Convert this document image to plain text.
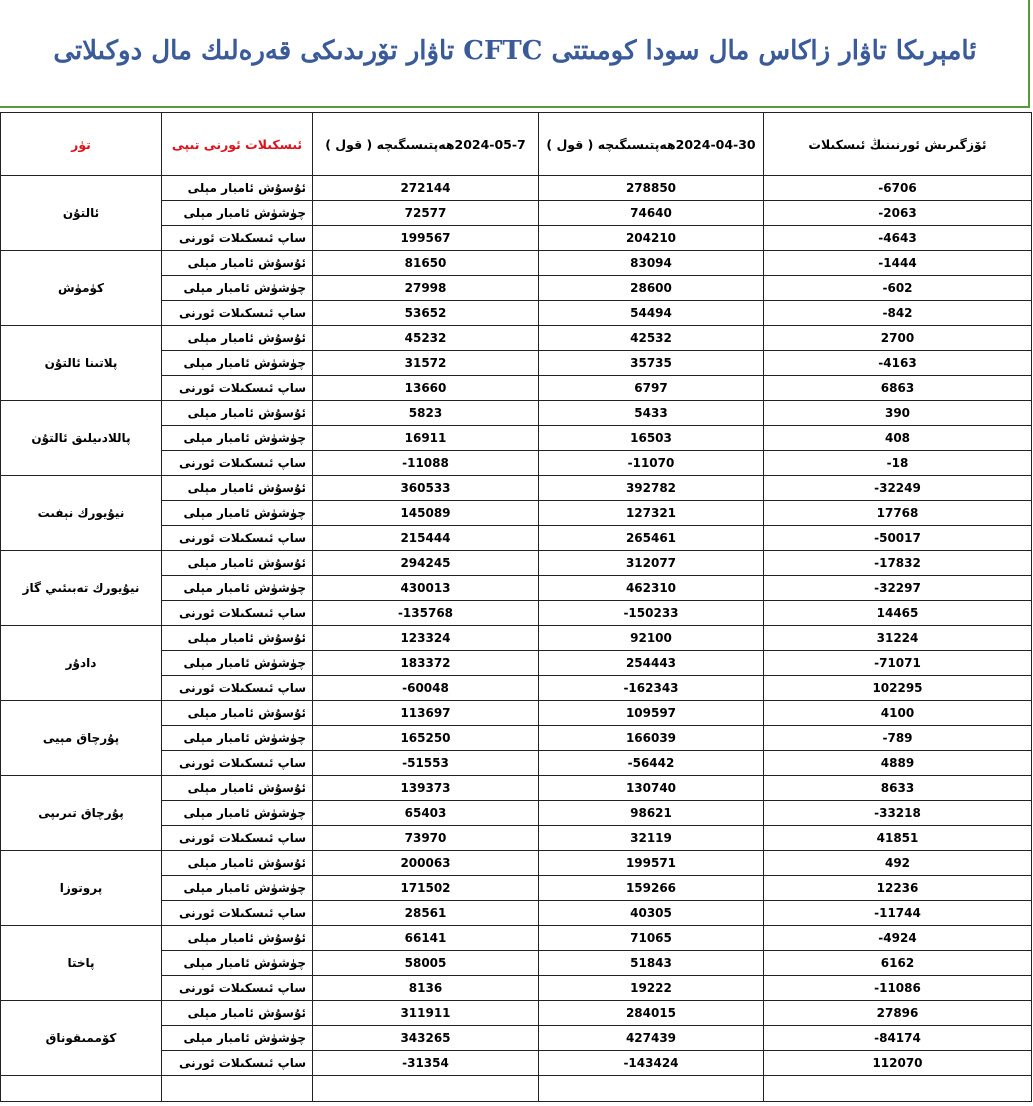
ئامېرىكا تاۋار زاكاس مال سودا كومىتتى CFTC تاۋار تۆرىدىكى قەرەلىك مال دوكىلاتى
تۈر	ئىسكىلات ئورنى تىپى	2024-05-7ھەپتىسىگىچە ( قول )	2024-04-30ھەپتىسىگىچە ( قول )	ئۆزگىرىش ئورنىنىڭ ئىسكىلات
ئالتۇن	ئۇسۇش ئامبار مېلى	272144	278850	-6706
	چۈشۈش ئامبار مېلى	72577	74640	-2063
	ساپ ئىسكىلات ئورنى	199567	204210	-4643
كۈمۈش	ئۇسۇش ئامبار مېلى	81650	83094	-1444
	چۈشۈش ئامبار مېلى	27998	28600	-602
	ساپ ئىسكىلات ئورنى	53652	54494	-842
پلاتىنا ئالتۇن	ئۇسۇش ئامبار مېلى	45232	42532	2700
	چۈشۈش ئامبار مېلى	31572	35735	-4163
	ساپ ئىسكىلات ئورنى	13660	6797	6863
پاللادىيلىق ئالتۇن	ئۇسۇش ئامبار مېلى	5823	5433	390
	چۈشۈش ئامبار مېلى	16911	16503	408
	ساپ ئىسكىلات ئورنى	-11088	-11070	-18
نيۇيورك نېفىت	ئۇسۇش ئامبار مېلى	360533	392782	-32249
	چۈشۈش ئامبار مېلى	145089	127321	17768
	ساپ ئىسكىلات ئورنى	215444	265461	-50017
نيۇيورك تەبىئىي گاز	ئۇسۇش ئامبار مېلى	294245	312077	-17832
	چۈشۈش ئامبار مېلى	430013	462310	-32297
	ساپ ئىسكىلات ئورنى	-135768	-150233	14465
دادۇر	ئۇسۇش ئامبار مېلى	123324	92100	31224
	چۈشۈش ئامبار مېلى	183372	254443	-71071
	ساپ ئىسكىلات ئورنى	-60048	-162343	102295
پۇرچاق مېيى	ئۇسۇش ئامبار مېلى	113697	109597	4100
	چۈشۈش ئامبار مېلى	165250	166039	-789
	ساپ ئىسكىلات ئورنى	-51553	-56442	4889
پۇرچاق تىرىپى	ئۇسۇش ئامبار مېلى	139373	130740	8633
	چۈشۈش ئامبار مېلى	65403	98621	-33218
	ساپ ئىسكىلات ئورنى	73970	32119	41851
پروتوزا	ئۇسۇش ئامبار مېلى	200063	199571	492
	چۈشۈش ئامبار مېلى	171502	159266	12236
	ساپ ئىسكىلات ئورنى	28561	40305	-11744
پاختا	ئۇسۇش ئامبار مېلى	66141	71065	-4924
	چۈشۈش ئامبار مېلى	58005	51843	6162
	ساپ ئىسكىلات ئورنى	8136	19222	-11086
كۆممىقوناق	ئۇسۇش ئامبار مېلى	311911	284015	27896
	چۈشۈش ئامبار مېلى	343265	427439	-84174
	ساپ ئىسكىلات ئورنى	-31354	-143424	112070
